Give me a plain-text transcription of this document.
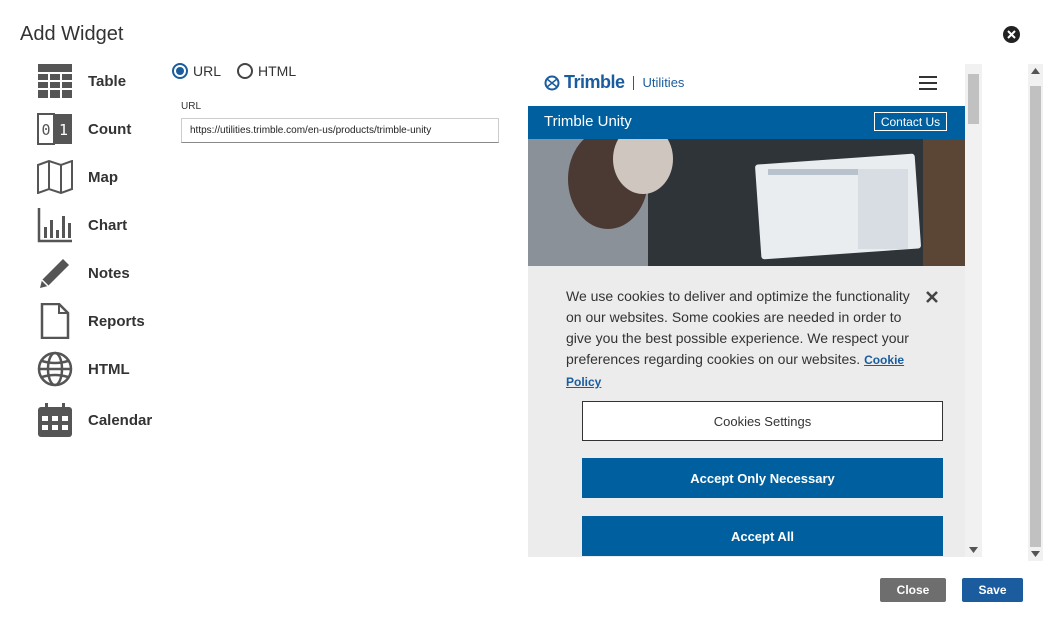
Add Widget
Table
0 1 Count
Map
Chart
Notes
Reports
HTML
Calendar
URL	HTML
URL
https://utilities.trimble.com/en-us/products/trimble-unity
Trimble Utilities
Trimble Unity	Contact Us
We use cookies to deliver and optimize the functionality on our websites. Some cookies are needed in order to give you the best possible experience. We respect your preferences regarding cookies on our websites. Cookie Policy
Cookies Settings
Accept Only Necessary
Accept All
Close	Save
